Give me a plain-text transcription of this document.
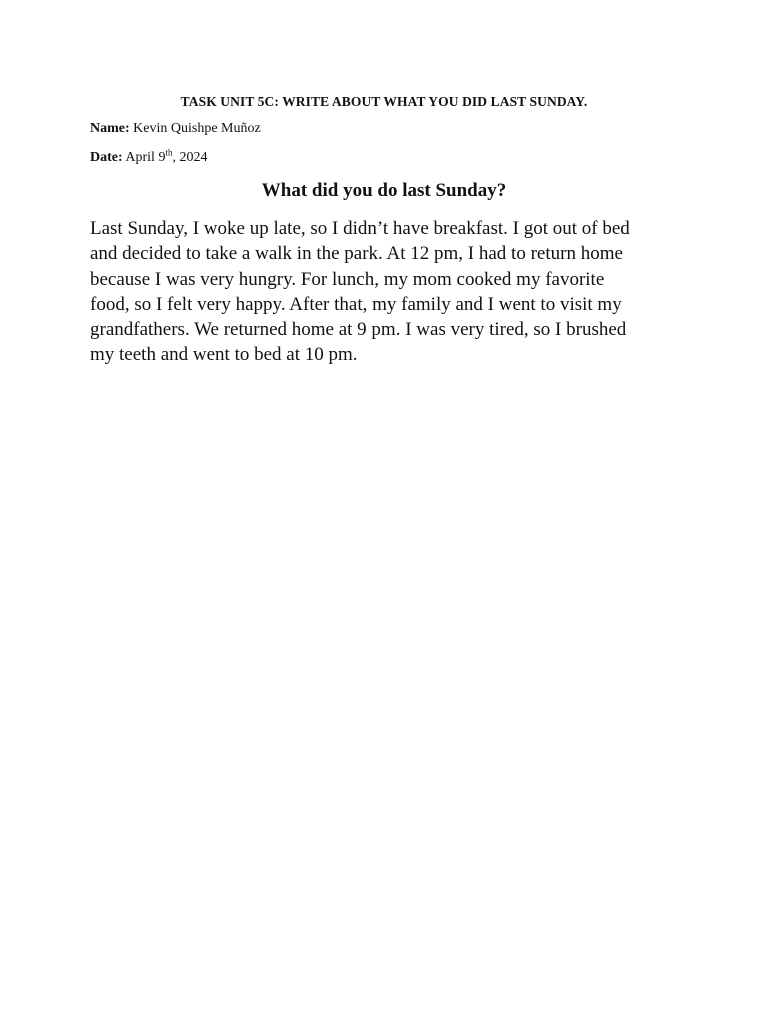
TASK UNIT 5C: WRITE ABOUT WHAT YOU DID LAST SUNDAY.

Name: Kevin Quishpe Muñoz

Date: April 9th, 2024

What did you do last Sunday?

Last Sunday, I woke up late, so I didn’t have breakfast. I got out of bed
and decided to take a walk in the park. At 12 pm, I had to return home
because I was very hungry. For lunch, my mom cooked my favorite
food, so I felt very happy. After that, my family and I went to visit my
grandfathers. We returned home at 9 pm. I was very tired, so I brushed
my teeth and went to bed at 10 pm.
